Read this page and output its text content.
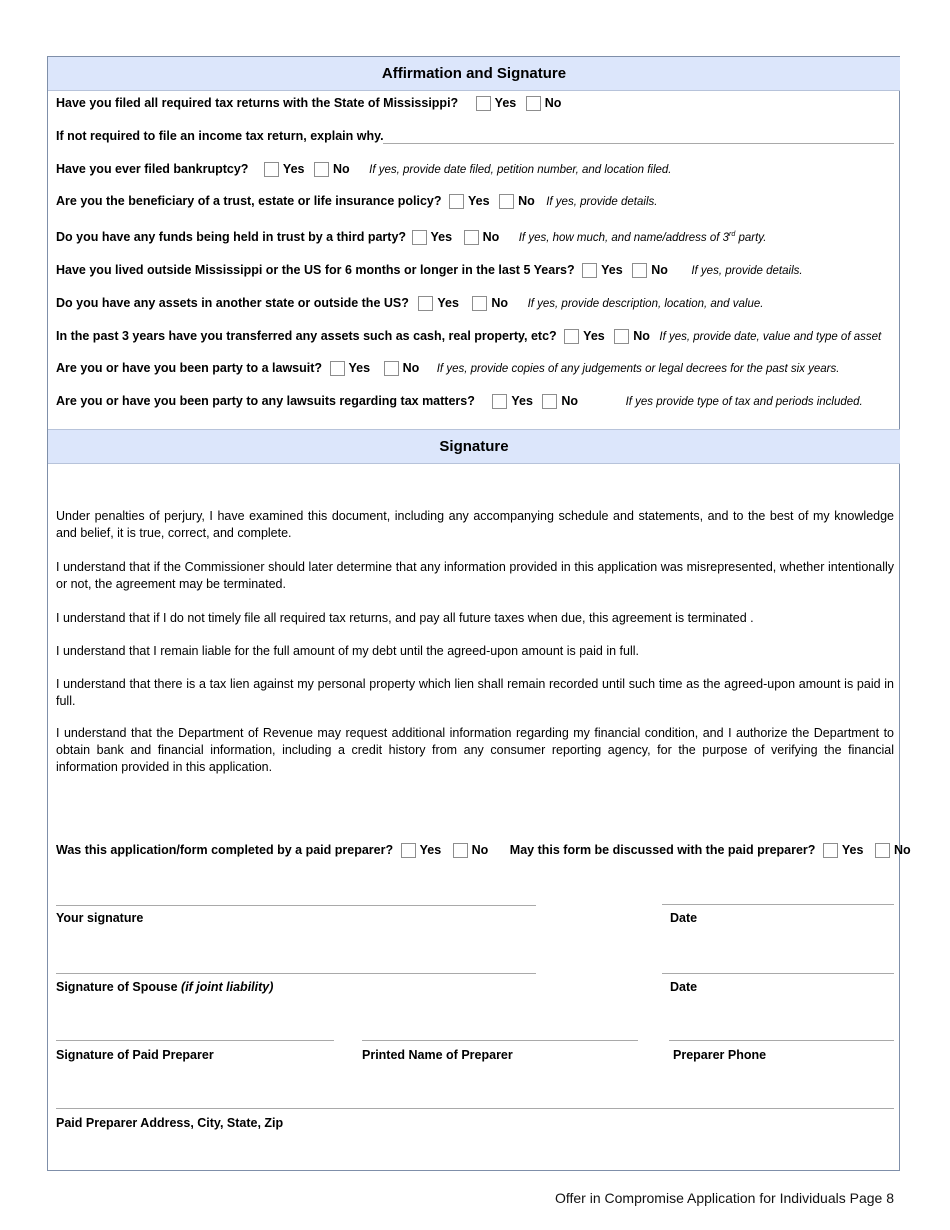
Affirmation and Signature
Have you filed all required tax returns with the State of Mississippi?	Yes No
If not required to file an income tax return, explain why.
Have you ever filed bankruptcy?	Yes No If yes, provide date filed, petition number, and location filed.
Are you the beneficiary of a trust, estate or life insurance policy? Yes No If yes, provide details.
Do you have any funds being held in trust by a third party? Yes No If yes, how much, and name/address of 3rd party.
Have you lived outside Mississippi or the US for 6 months or longer in the last 5 Years? Yes No If yes, provide details.
Do you have any assets in another state or outside the US? Yes	No If yes, provide description, location, and value.
In the past 3 years have you transferred any assets such as cash, real property, etc? Yes No If yes, provide date, value and type of asset
Are you or have you been party to a lawsuit? Yes	No If yes, provide copies of any judgements or legal decrees for the past six years.
Are you or have you been party to any lawsuits regarding tax matters?	Yes No	If yes provide type of tax and periods included.
Signature
Under penalties of perjury, I have examined this document, including any accompanying schedule and statements, and to the best of my knowledge and belief, it is true, correct, and complete.
I understand that if the Commissioner should later determine that any information provided in this application was misrepresented, whether intentionally or not, the agreement may be terminated.
I understand that if I do not timely file all required tax returns, and pay all future taxes when due, this agreement is terminated .
I understand that I remain liable for the full amount of my debt until the agreed-upon amount is paid in full.
I understand that there is a tax lien against my personal property which lien shall remain recorded until such time as the agreed-upon amount is paid in full.
I understand that the Department of Revenue may request additional information regarding my financial condition, and I authorize the Department to obtain bank and financial information, including a credit history from any consumer reporting agency, for the purpose of verifying the financial information provided in this application.
Was this application/form completed by a paid preparer? Yes No May this form be discussed with the paid preparer? Yes No
Your signature	Date
Signature of Spouse (if joint liability)	Date
Signature of Paid Preparer	Printed Name of Preparer	Preparer Phone
Paid Preparer Address, City, State, Zip
Offer in Compromise Application for Individuals Page 8
